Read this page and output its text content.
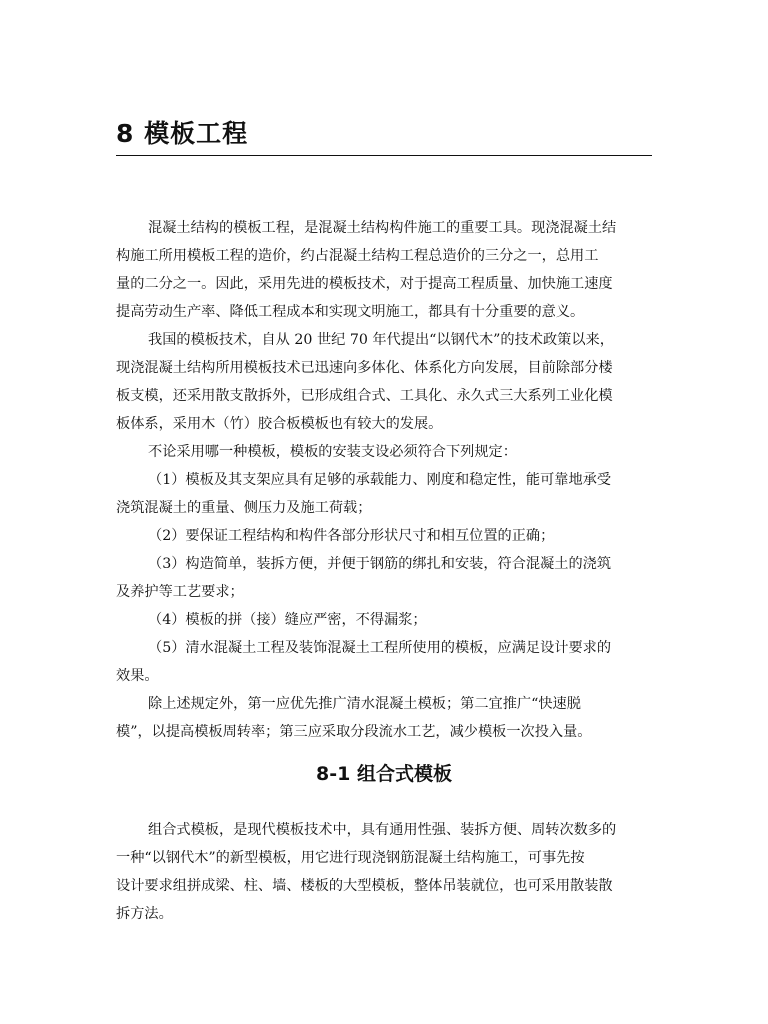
8 模板工程
混凝土结构的模板工程，是混凝土结构构件施工的重要工具。现浇混凝土结
构施工所用模板工程的造价，约占混凝土结构工程总造价的三分之一，总用工
量的二分之一。因此，采用先进的模板技术，对于提高工程质量、加快施工速度
提高劳动生产率、降低工程成本和实现文明施工，都具有十分重要的意义。
我国的模板技术，自从 20 世纪 70 年代提出“以钢代木”的技术政策以来，
现浇混凝土结构所用模板技术已迅速向多体化、体系化方向发展，目前除部分楼
板支模，还采用散支散拆外，已形成组合式、工具化、永久式三大系列工业化模
板体系，采用木（竹）胶合板模板也有较大的发展。
不论采用哪一种模板，模板的安装支设必须符合下列规定：
（1）模板及其支架应具有足够的承载能力、刚度和稳定性，能可靠地承受
浇筑混凝土的重量、侧压力及施工荷载；
（2）要保证工程结构和构件各部分形状尺寸和相互位置的正确；
（3）构造简单，装拆方便，并便于钢筋的绑扎和安装，符合混凝土的浇筑
及养护等工艺要求；
（4）模板的拼（接）缝应严密，不得漏浆；
（5）清水混凝土工程及装饰混凝土工程所使用的模板，应满足设计要求的
效果。
除上述规定外，第一应优先推广清水混凝土模板；第二宜推广“快速脱
模”，以提高模板周转率；第三应采取分段流水工艺，减少模板一次投入量。
8-1 组合式模板
组合式模板，是现代模板技术中，具有通用性强、装拆方便、周转次数多的
一种“以钢代木”的新型模板，用它进行现浇钢筋混凝土结构施工，可事先按
设计要求组拼成梁、柱、墙、楼板的大型模板，整体吊装就位，也可采用散装散
拆方法。
